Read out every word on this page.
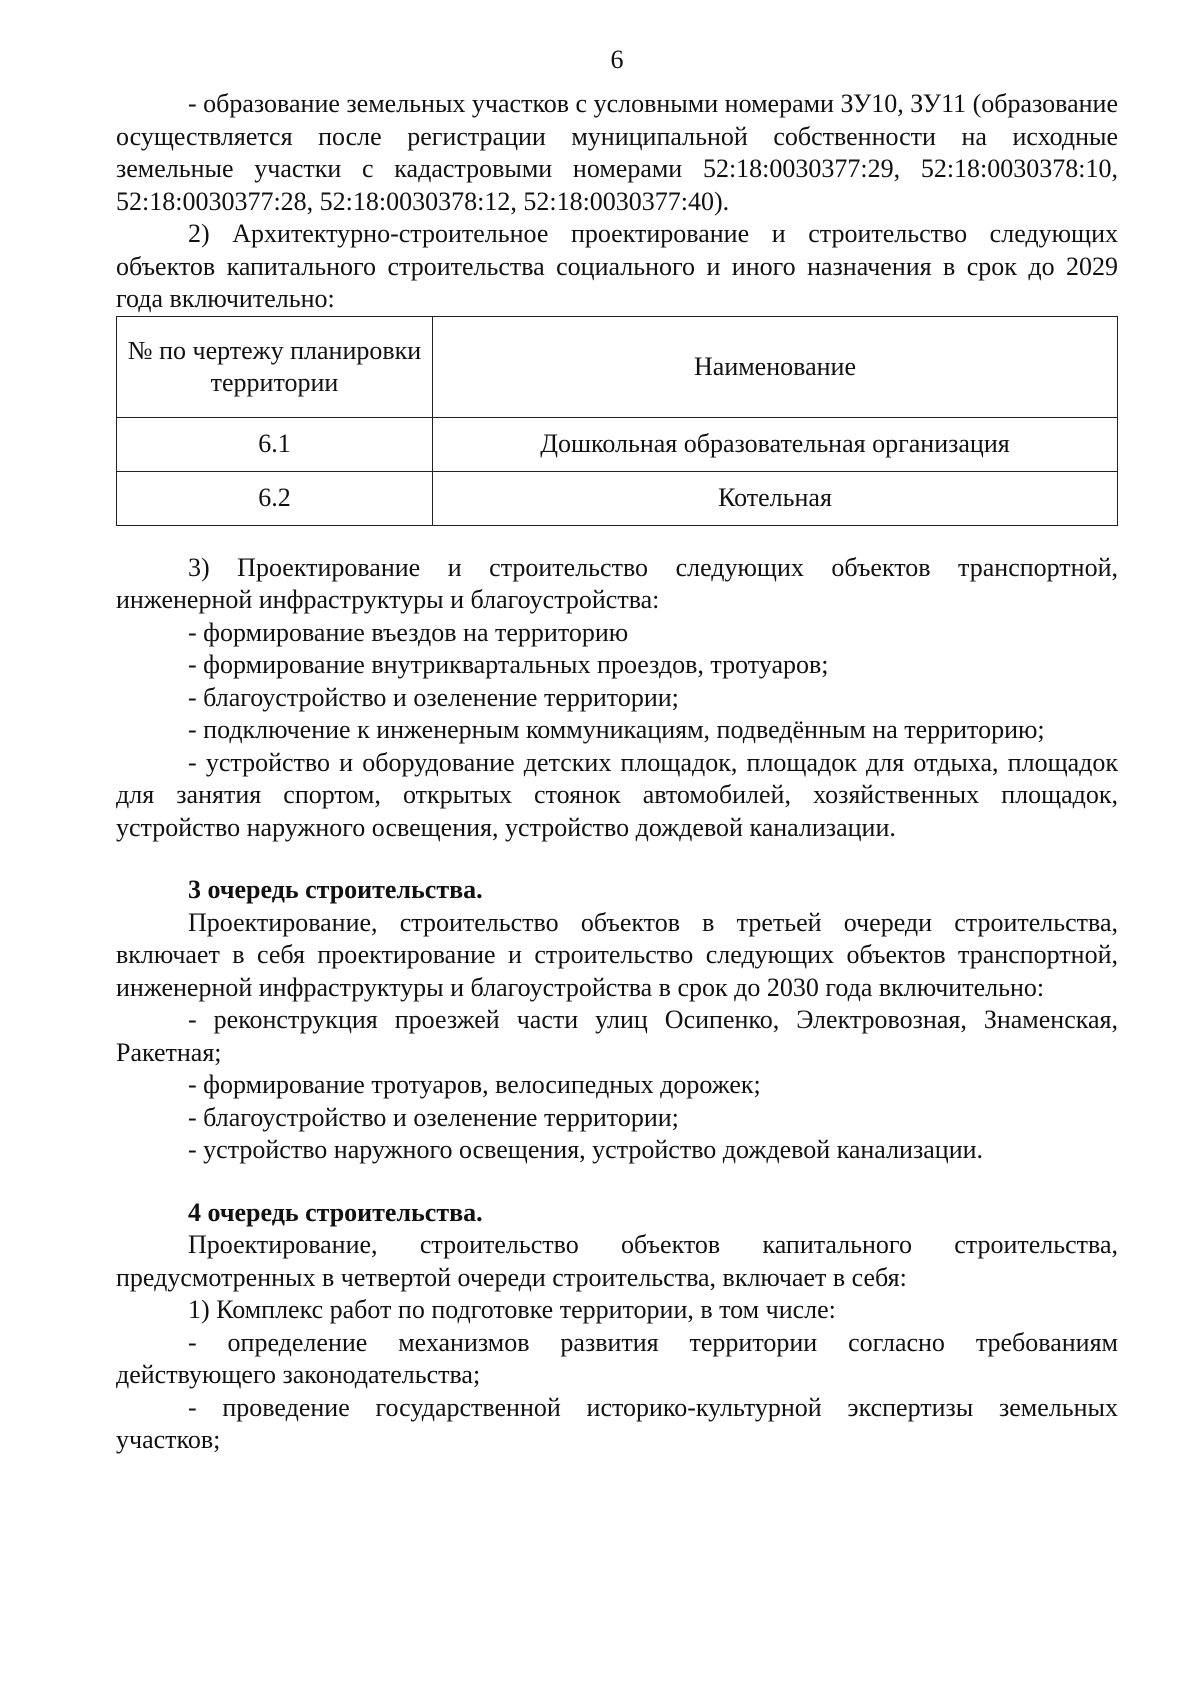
6

- образование земельных участков с условными номерами ЗУ10, ЗУ11 (образование осуществляется после регистрации муниципальной собственности на исходные земельные участки с кадастровыми номерами 52:18:0030377:29, 52:18:0030378:10, 52:18:0030377:28, 52:18:0030378:12, 52:18:0030377:40).

2) Архитектурно-строительное проектирование и строительство следующих объектов капитального строительства социального и иного назначения в срок до 2029 года включительно:

№ по чертежу планировки территории	Наименование
6.1	Дошкольная образовательная организация
6.2	Котельная

3) Проектирование и строительство следующих объектов транспортной, инженерной инфраструктуры и благоустройства:

- формирование въездов на территорию

- формирование внутриквартальных проездов, тротуаров;

- благоустройство и озеленение территории;

- подключение к инженерным коммуникациям, подведённым на территорию;

- устройство и оборудование детских площадок, площадок для отдыха, площадок для занятия спортом, открытых стоянок автомобилей, хозяйственных площадок, устройство наружного освещения, устройство дождевой канализации.

3 очередь строительства.

Проектирование, строительство объектов в третьей очереди строительства, включает в себя проектирование и строительство следующих объектов транспортной, инженерной инфраструктуры и благоустройства в срок до 2030 года включительно:

- реконструкция проезжей части улиц Осипенко, Электровозная, Знаменская, Ракетная;

- формирование тротуаров, велосипедных дорожек;

- благоустройство и озеленение территории;

- устройство наружного освещения, устройство дождевой канализации.

4 очередь строительства.

Проектирование, строительство объектов капитального строительства, предусмотренных в четвертой очереди строительства, включает в себя:

1) Комплекс работ по подготовке территории, в том числе:

- определение механизмов развития территории согласно требованиям действующего законодательства;

- проведение государственной историко-культурной экспертизы земельных участков;
